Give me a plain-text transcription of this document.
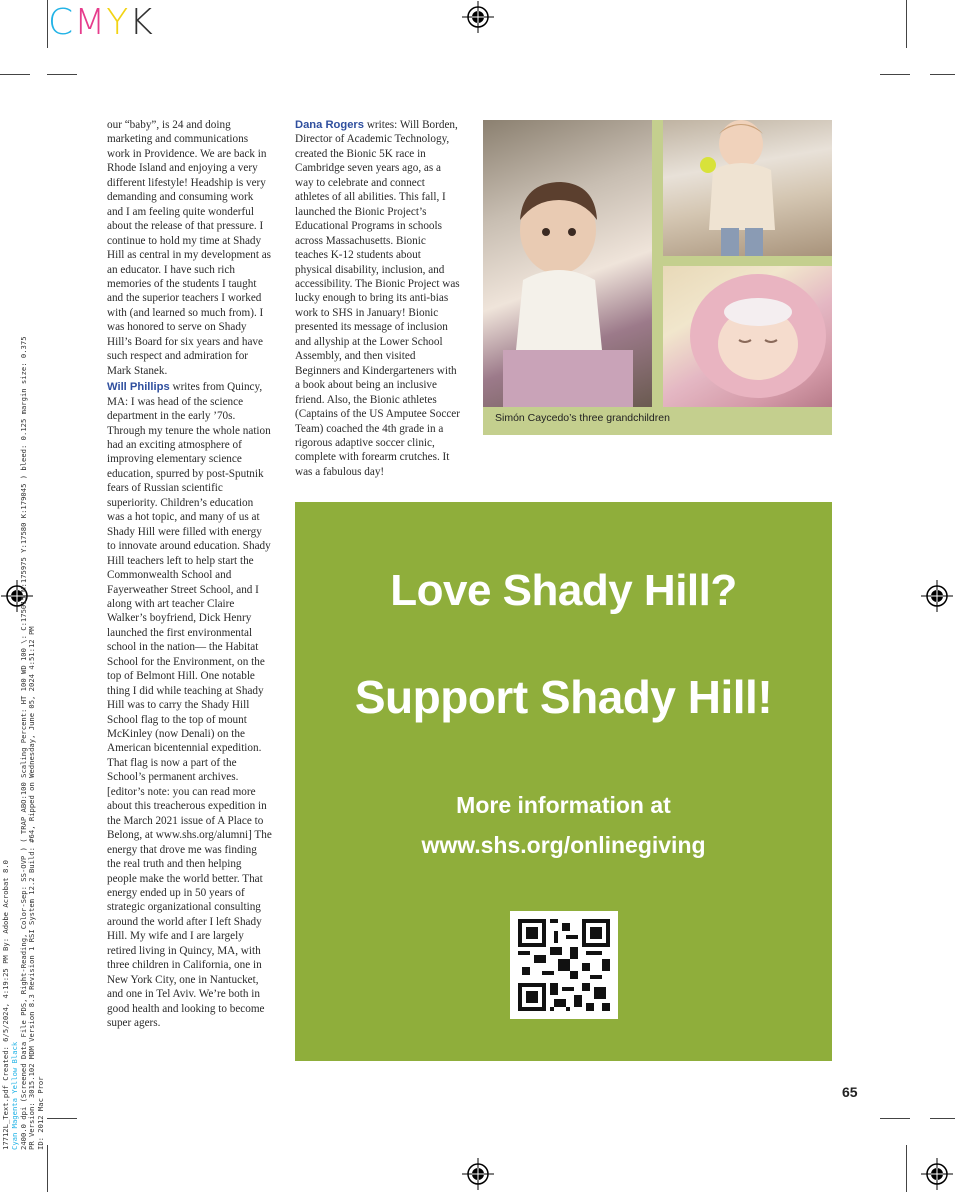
CMYK
17712L_Text.pdf Created: 6/5/2024, 4:19:25 PM By: Adobe Acrobat 8.0 Cyan Magenta Yellow Black 2400.0 dpi (Screened Data File PDS, Right-Reading, Color-Sep: SS-OVP ) ( TRAP ABO:100 Scaling Percent: HT 100 WD 100 \: C:175015 M:175975 Y:17580 K:179045 ) bleed: 0.125 margin size: 0.375 PR Version: 3015.102 MDM Version 8.3 Revision 1 RSI System 12.2 Build: #64, Ripped on Wednesday, June 05, 2024 4:51:12 PM ID: 2012 Mac Pror

our “baby”, is 24 and doing marketing and communications work in Providence. We are back in Rhode Island and enjoying a very different lifestyle! Headship is very demanding and consuming work and I am feeling quite wonderful about the release of that pressure. I continue to hold my time at Shady Hill as central in my development as an educator. I have such rich memories of the students I taught and the superior teachers I worked with (and learned so much from). I was honored to serve on Shady Hill’s Board for six years and have such respect and admiration for Mark Stanek.

Will Phillips writes from Quincy, MA: I was head of the science department in the early ’70s. Through my tenure the whole nation had an exciting atmosphere of improving elementary science education, spurred by post-Sputnik fears of Russian scientific superiority. Children’s education was a hot topic, and many of us at Shady Hill were filled with energy to innovate around education. Shady Hill teachers left to help start the Commonwealth School and Fayerweather Street School, and I along with art teacher Claire Walker’s boyfriend, Dick Henry launched the first environmental school in the nation— the Habitat School for the Environment, on the top of Belmont Hill. One notable thing I did while teaching at Shady Hill was to carry the Shady Hill School flag to the top of mount McKinley (now Denali) on the American bicentennial expedition. That flag is now a part of the School’s permanent archives. [editor’s note: you can read more about this treacherous expedition in the March 2021 issue of A Place to Belong, at www.shs.org/alumni] The energy that drove me was finding the real truth and then helping people make the world better. That energy ended up in 50 years of strategic organizational consulting around the world after I left Shady Hill. My wife and I are largely retired living in Quincy, MA, with three children in California, one in New York City, one in Nantucket, and one in Tel Aviv. We’re both in good health and looking to become super agers.

Dana Rogers writes: Will Borden, Director of Academic Technology, created the Bionic 5K race in Cambridge seven years ago, as a way to celebrate and connect athletes of all abilities. This fall, I launched the Bionic Project’s Educational Programs in schools across Massachusetts. Bionic teaches K-12 students about physical disability, inclusion, and accessibility. The Bionic Project was lucky enough to bring its anti-bias work to SHS in January! Bionic presented its message of inclusion and allyship at the Lower School Assembly, and then visited Beginners and Kindergarteners with a book about being an inclusive friend. Also, the Bionic athletes (Captains of the US Amputee Soccer Team) coached the 4th grade in a rigorous adaptive soccer clinic, complete with forearm crutches. It was a fabulous day!

Simón Caycedo’s three grandchildren
Love Shady Hill?
Support Shady Hill!
More information at
www.shs.org/onlinegiving
65
